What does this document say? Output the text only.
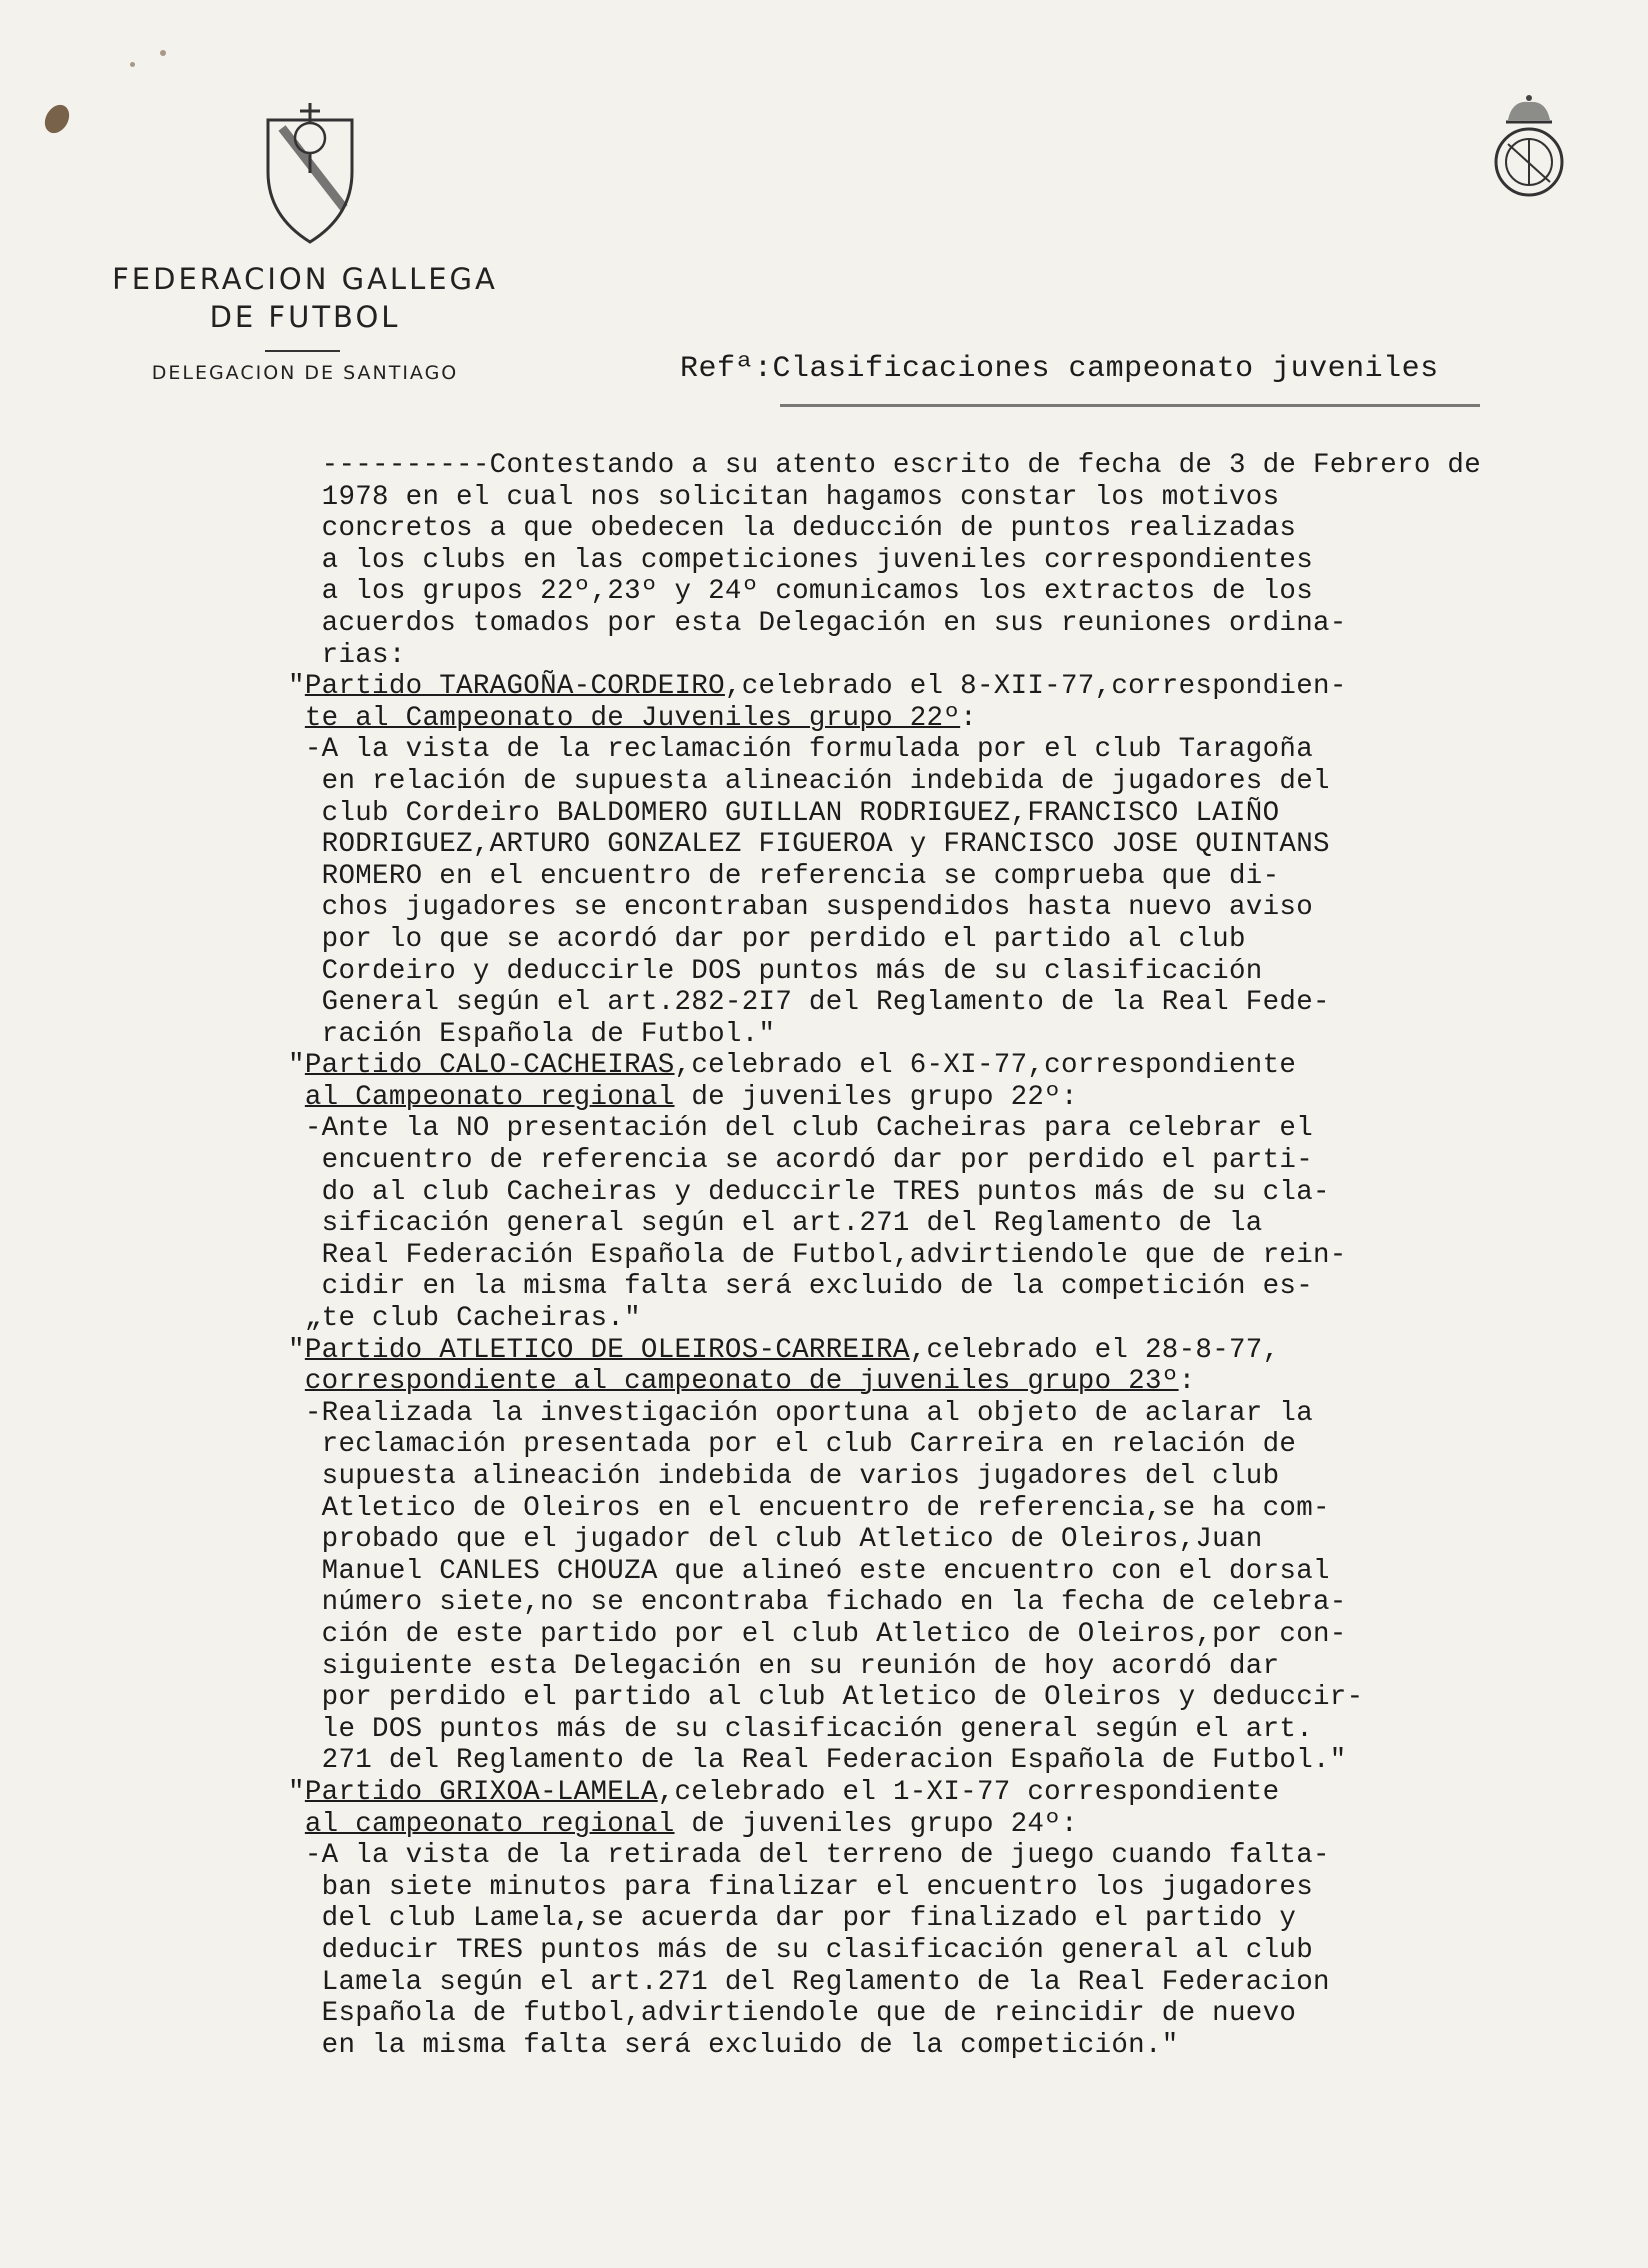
FEDERACION GALLEGA
DE FUTBOL
DELEGACION DE SANTIAGO	Refª:Clasificaciones campeonato juveniles
----------Contestando a su atento escrito de fecha de 3 de Febrero de
1978 en el cual nos solicitan hagamos constar los motivos
concretos a que obedecen la deducción de puntos realizadas
a los clubs en las competiciones juveniles correspondientes
a los grupos 22º,23º y 24º comunicamos los extractos de los
acuerdos tomados por esta Delegación en sus reuniones ordina-
rias:
"Partido TARAGOÑA-CORDEIRO,celebrado el 8-XII-77,correspondien-
te al Campeonato de Juveniles grupo 22º:
-A la vista de la reclamación formulada por el club Taragoña
en relación de supuesta alineación indebida de jugadores del
club Cordeiro BALDOMERO GUILLAN RODRIGUEZ,FRANCISCO LAIÑO
RODRIGUEZ,ARTURO GONZALEZ FIGUEROA y FRANCISCO JOSE QUINTANS
ROMERO en el encuentro de referencia se comprueba que di-
chos jugadores se encontraban suspendidos hasta nuevo aviso
por lo que se acordó dar por perdido el partido al club
Cordeiro y deduccirle DOS puntos más de su clasificación
General según el art.282-2I7 del Reglamento de la Real Fede-
ración Española de Futbol."
"Partido CALO-CACHEIRAS,celebrado el 6-XI-77,correspondiente
al Campeonato regional de juveniles grupo 22º:
-Ante la NO presentación del club Cacheiras para celebrar el
encuentro de referencia se acordó dar por perdido el parti-
do al club Cacheiras y deduccirle TRES puntos más de su cla-
sificación general según el art.271 del Reglamento de la
Real Federación Española de Futbol,advirtiendole que de rein-
cidir en la misma falta será excluido de la competición es-
„te club Cacheiras."
"Partido ATLETICO DE OLEIROS-CARREIRA,celebrado el 28-8-77,
correspondiente al campeonato de juveniles grupo 23º:
-Realizada la investigación oportuna al objeto de aclarar la
reclamación presentada por el club Carreira en relación de
supuesta alineación indebida de varios jugadores del club
Atletico de Oleiros en el encuentro de referencia,se ha com-
probado que el jugador del club Atletico de Oleiros,Juan
Manuel CANLES CHOUZA que alineó este encuentro con el dorsal
número siete,no se encontraba fichado en la fecha de celebra-
ción de este partido por el club Atletico de Oleiros,por con-
siguiente esta Delegación en su reunión de hoy acordó dar
por perdido el partido al club Atletico de Oleiros y deduccir-
le DOS puntos más de su clasificación general según el art.
271 del Reglamento de la Real Federacion Española de Futbol."
"Partido GRIXOA-LAMELA,celebrado el 1-XI-77 correspondiente
al campeonato regional de juveniles grupo 24º:
-A la vista de la retirada del terreno de juego cuando falta-
ban siete minutos para finalizar el encuentro los jugadores
del club Lamela,se acuerda dar por finalizado el partido y
deducir TRES puntos más de su clasificación general al club
Lamela según el art.271 del Reglamento de la Real Federacion
Española de futbol,advirtiendole que de reincidir de nuevo
en la misma falta será excluido de la competición."
